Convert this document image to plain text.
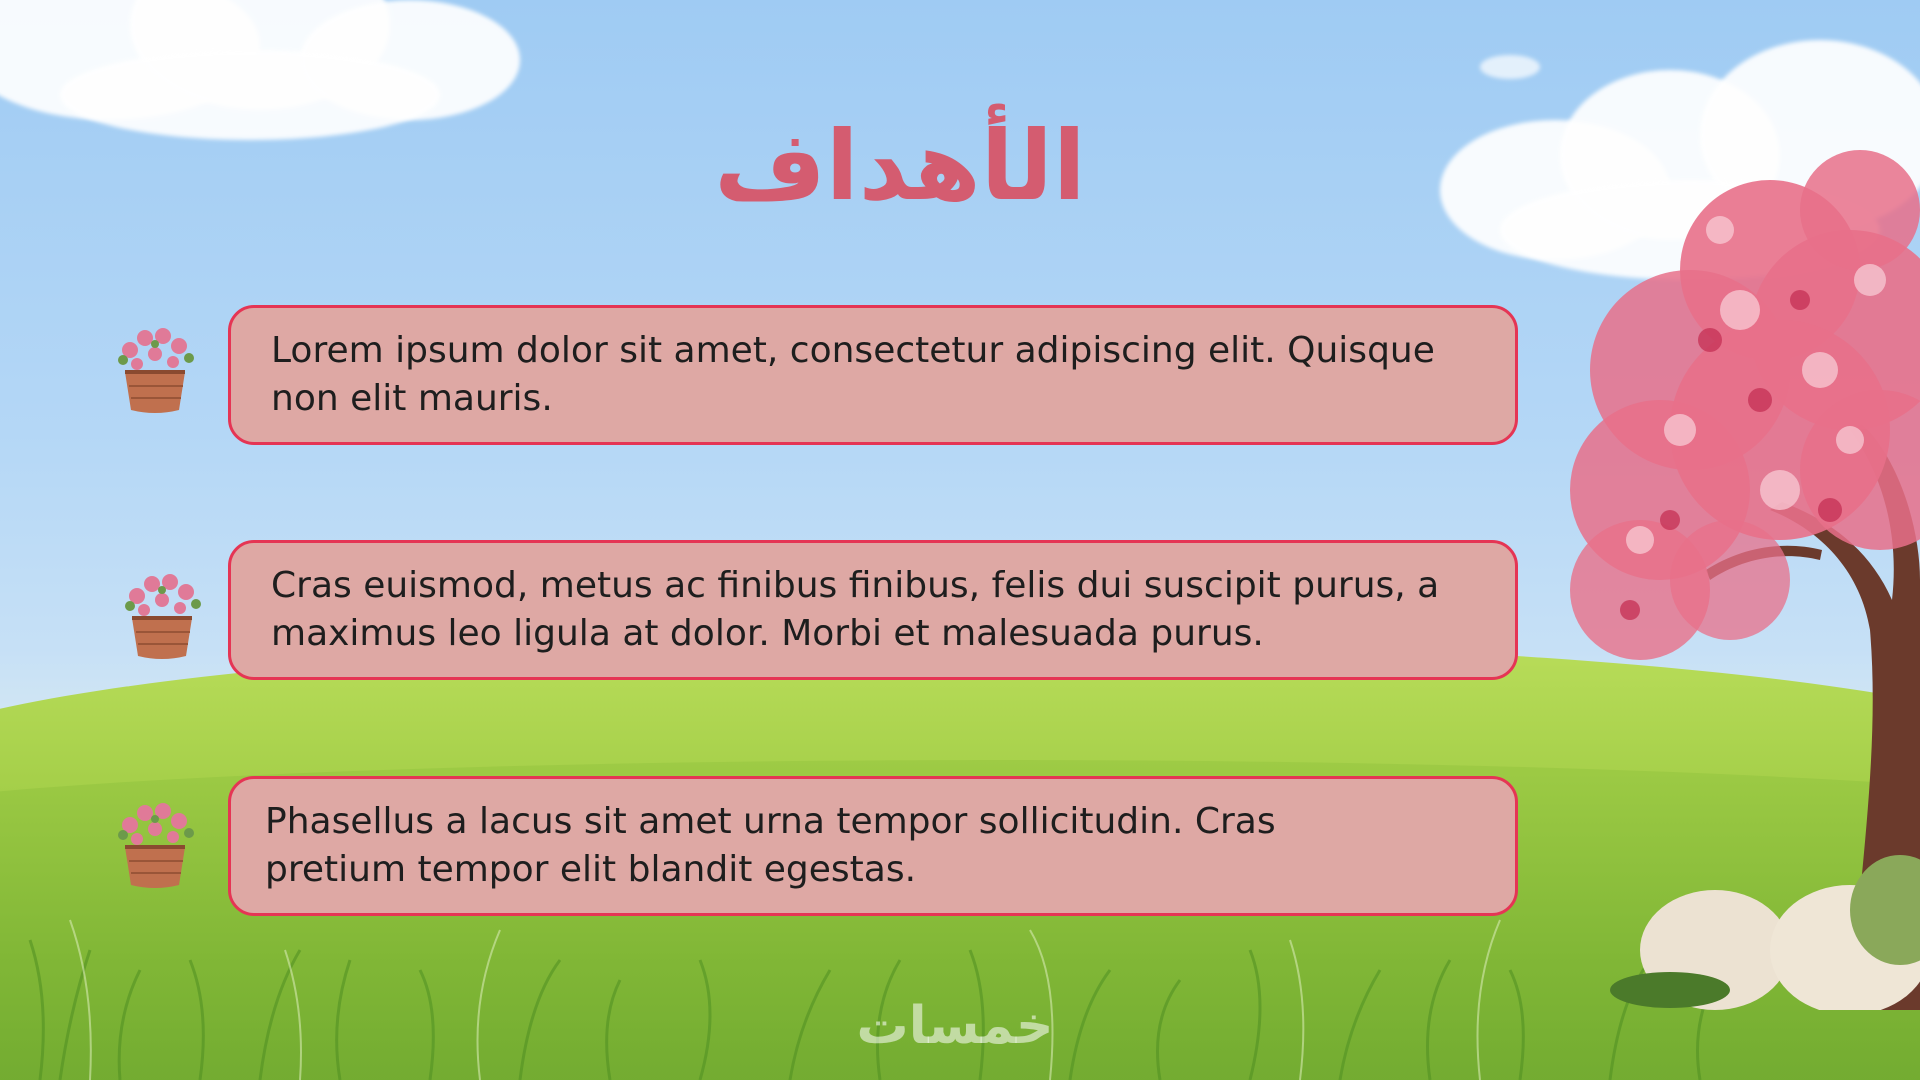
الأهداف

Lorem ipsum dolor sit amet, consectetur adipiscing elit. Quisque non elit mauris.

Cras euismod, metus ac finibus finibus, felis dui suscipit purus, a maximus leo ligula at dolor. Morbi et malesuada purus.

Phasellus a lacus sit amet urna tempor sollicitudin. Cras pretium tempor elit blandit egestas.

خمسات
